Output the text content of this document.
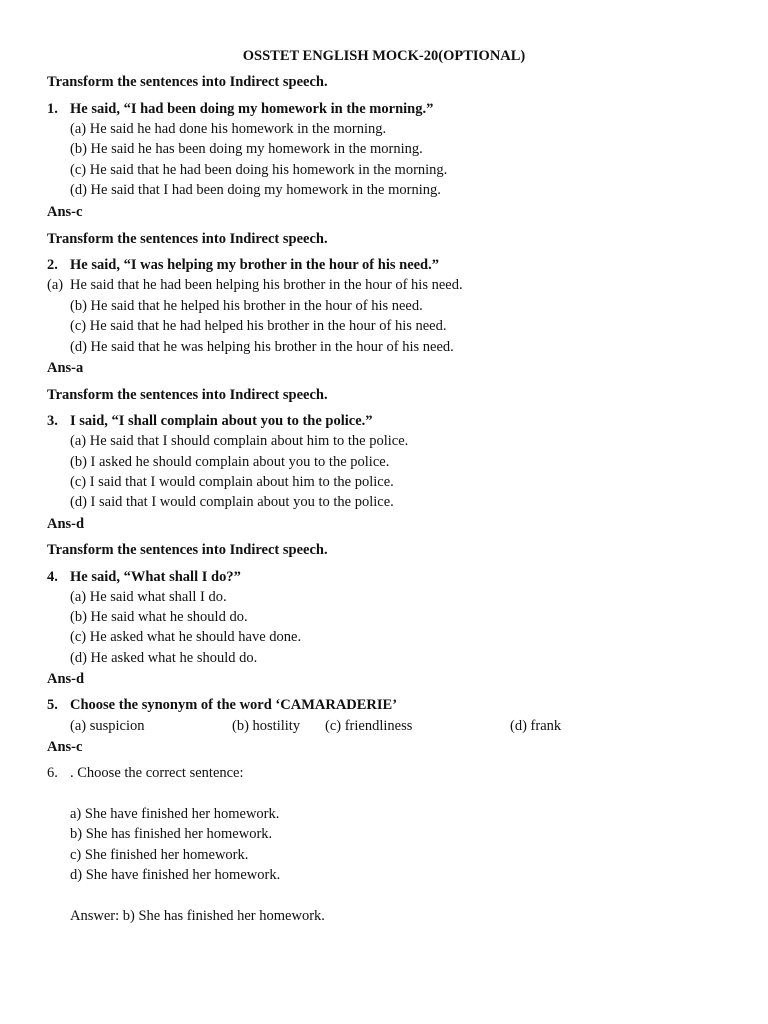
OSSTET ENGLISH MOCK-20(OPTIONAL)
Transform the sentences into Indirect speech.
1. He said, “I had been doing my homework in the morning.”
(a) He said he had done his homework in the morning.
(b) He said he has been doing my homework in the morning.
(c) He said that he had been doing his homework in the morning.
(d) He said that I had been doing my homework in the morning.
Ans-c
Transform the sentences into Indirect speech.
2. He said, “I was helping my brother in the hour of his need.”
(a) He said that he had been helping his brother in the hour of his need.
(b) He said that he helped his brother in the hour of his need.
(c) He said that he had helped his brother in the hour of his need.
(d) He said that he was helping his brother in the hour of his need.
Ans-a
Transform the sentences into Indirect speech.
3. I said, “I shall complain about you to the police.”
(a) He said that I should complain about him to the police.
(b) I asked he should complain about you to the police.
(c) I said that I would complain about him to the police.
(d) I said that I would complain about you to the police.
Ans-d
Transform the sentences into Indirect speech.
4. He said, “What shall I do?”
(a) He said what shall I do.
(b) He said what he should do.
(c) He asked what he should have done.
(d) He asked what he should do.
Ans-d
5. Choose the synonym of the word ‘CAMARADERIE’
(a) suspicion	(b) hostility (c) friendliness	(d) frank
Ans-c
6. . Choose the correct sentence:
a) She have finished her homework.
b) She has finished her homework.
c) She finished her homework.
d) She have finished her homework.
Answer: b) She has finished her homework.
